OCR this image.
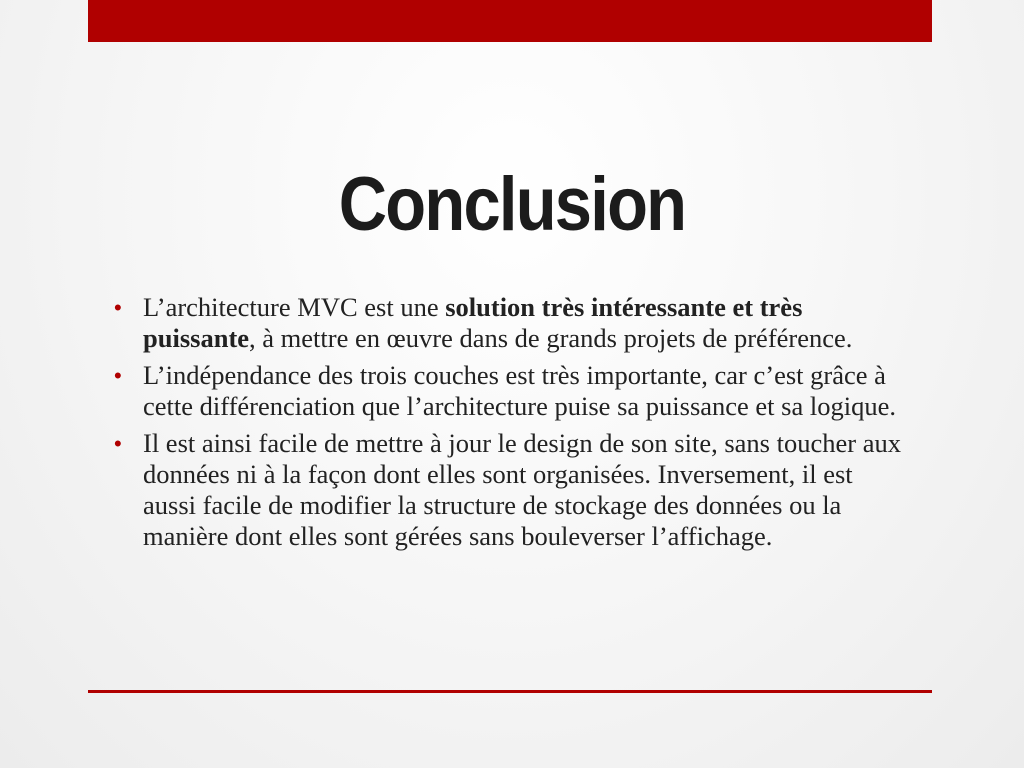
Conclusion
• L’architecture MVC est une solution très intéressante et très puissante, à mettre en œuvre dans de grands projets de préférence.
• L’indépendance des trois couches est très importante, car c’est grâce à cette différenciation que l’architecture puise sa puissance et sa logique.
• Il est ainsi facile de mettre à jour le design de son site, sans toucher aux données ni à la façon dont elles sont organisées. Inversement, il est aussi facile de modifier la structure de stockage des données ou la manière dont elles sont gérées sans bouleverser l’affichage.
